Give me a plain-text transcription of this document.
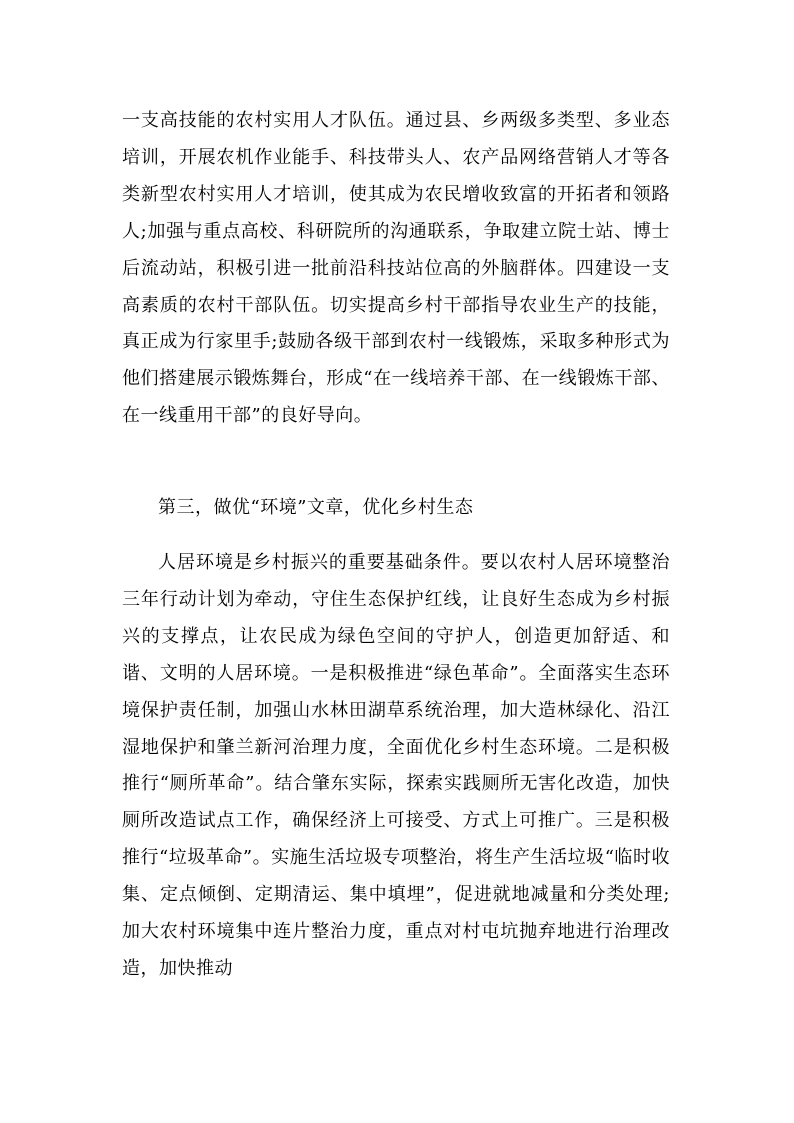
一支高技能的农村实用人才队伍。通过县、乡两级多类型、多业态培训，开展农机作业能手、科技带头人、农产品网络营销人才等各类新型农村实用人才培训，使其成为农民增收致富的开拓者和领路人;加强与重点高校、科研院所的沟通联系，争取建立院士站、博士后流动站，积极引进一批前沿科技站位高的外脑群体。四建设一支高素质的农村干部队伍。切实提高乡村干部指导农业生产的技能，真正成为行家里手;鼓励各级干部到农村一线锻炼，采取多种形式为他们搭建展示锻炼舞台，形成“在一线培养干部、在一线锻炼干部、在一线重用干部”的良好导向。

第三，做优“环境”文章，优化乡村生态

人居环境是乡村振兴的重要基础条件。要以农村人居环境整治三年行动计划为牵动，守住生态保护红线，让良好生态成为乡村振兴的支撑点，让农民成为绿色空间的守护人，创造更加舒适、和谐、文明的人居环境。一是积极推进“绿色革命”。全面落实生态环境保护责任制，加强山水林田湖草系统治理，加大造林绿化、沿江湿地保护和肇兰新河治理力度，全面优化乡村生态环境。二是积极推行“厕所革命”。结合肇东实际，探索实践厕所无害化改造，加快厕所改造试点工作，确保经济上可接受、方式上可推广。三是积极推行“垃圾革命”。实施生活垃圾专项整治，将生产生活垃圾“临时收集、定点倾倒、定期清运、集中填埋”，促进就地减量和分类处理;加大农村环境集中连片整治力度，重点对村屯坑抛弃地进行治理改造，加快推动
